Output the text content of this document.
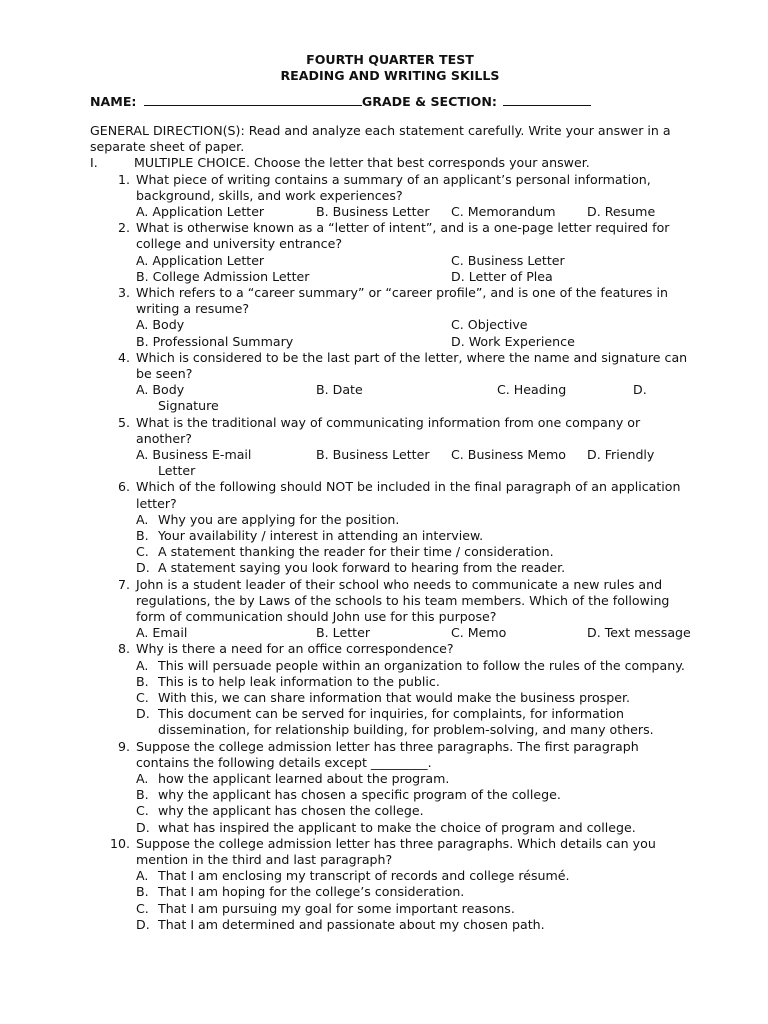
FOURTH QUARTER TEST
READING AND WRITING SKILLS
NAME:	GRADE & SECTION:
GENERAL DIRECTION(S): Read and analyze each statement carefully. Write your answer in a separate sheet of paper.
I.	MULTIPLE CHOICE. Choose the letter that best corresponds your answer.
1. What piece of writing contains a summary of an applicant’s personal information, background, skills, and work experiences?
A. Application Letter	B. Business Letter C. Memorandum D. Resume
2. What is otherwise known as a “letter of intent”, and is a one-page letter required for college and university entrance?
A. Application Letter	C. Business Letter
B. College Admission Letter	D. Letter of Plea
3. Which refers to a “career summary” or “career profile”, and is one of the features in writing a resume?
A. Body	C. Objective
B. Professional Summary	D. Work Experience
4. Which is considered to be the last part of the letter, where the name and signature can be seen?
A. Body	B. Date	C. Heading	D.
Signature
5. What is the traditional way of communicating information from one company or another?
A. Business E-mail	B. Business Letter C. Business Memo D. Friendly
Letter
6. Which of the following should NOT be included in the final paragraph of an application letter?
A. Why you are applying for the position.
B. Your availability / interest in attending an interview.
C. A statement thanking the reader for their time / consideration.
D. A statement saying you look forward to hearing from the reader.
7. John is a student leader of their school who needs to communicate a new rules and regulations, the by Laws of the schools to his team members. Which of the following form of communication should John use for this purpose?
A. Email	B. Letter	C. Memo	D. Text message
8. Why is there a need for an office correspondence?
A. This will persuade people within an organization to follow the rules of the company.
B. This is to help leak information to the public.
C. With this, we can share information that would make the business prosper.
D. This document can be served for inquiries, for complaints, for information dissemination, for relationship building, for problem-solving, and many others.
9. Suppose the college admission letter has three paragraphs. The first paragraph contains the following details except _________.
A. how the applicant learned about the program.
B. why the applicant has chosen a specific program of the college.
C. why the applicant has chosen the college.
D. what has inspired the applicant to make the choice of program and college.
10. Suppose the college admission letter has three paragraphs. Which details can you mention in the third and last paragraph?
A. That I am enclosing my transcript of records and college résumé.
B. That I am hoping for the college’s consideration.
C. That I am pursuing my goal for some important reasons.
D. That I am determined and passionate about my chosen path.
